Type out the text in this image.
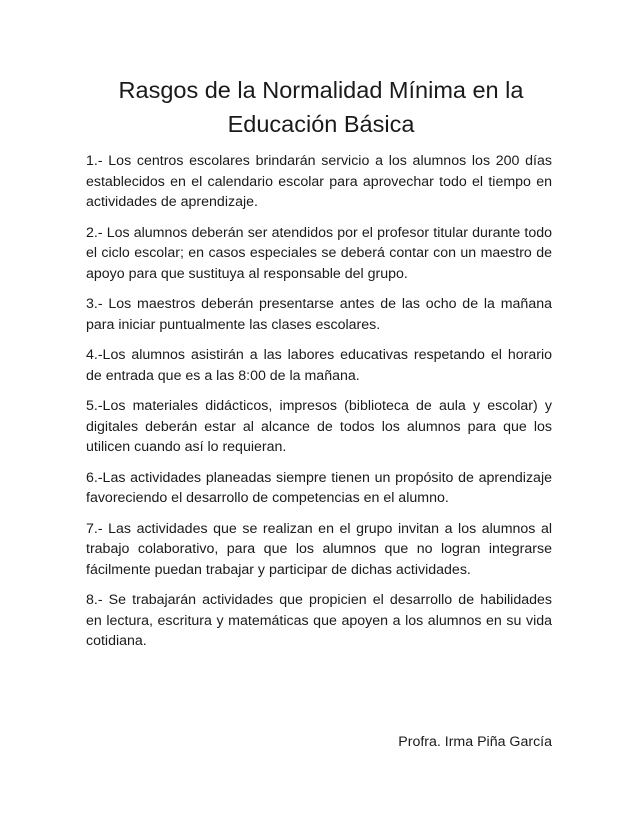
Rasgos de la Normalidad Mínima en la Educación Básica

1.- Los centros escolares brindarán servicio a los alumnos los 200 días establecidos en el calendario escolar para aprovechar todo el tiempo en actividades de aprendizaje.

2.- Los alumnos deberán ser atendidos por el profesor titular durante todo el ciclo escolar; en casos especiales se deberá contar con un maestro de apoyo para que sustituya al responsable del grupo.

3.- Los maestros deberán presentarse antes de las ocho de la mañana para iniciar puntualmente las clases escolares.

4.-Los alumnos asistirán a las labores educativas respetando el horario de entrada que es a las 8:00 de la mañana.

5.-Los materiales didácticos, impresos (biblioteca de aula y escolar) y digitales deberán estar al alcance de todos los alumnos para que los utilicen cuando así lo requieran.

6.-Las actividades planeadas siempre tienen un propósito de aprendizaje favoreciendo el desarrollo de competencias en el alumno.

7.- Las actividades que se realizan en el grupo invitan a los alumnos al trabajo colaborativo, para que los alumnos que no logran integrarse fácilmente puedan trabajar y participar de dichas actividades.

8.- Se trabajarán actividades que propicien el desarrollo de habilidades en lectura, escritura y matemáticas que apoyen a los alumnos en su vida cotidiana.

Profra. Irma Piña García
